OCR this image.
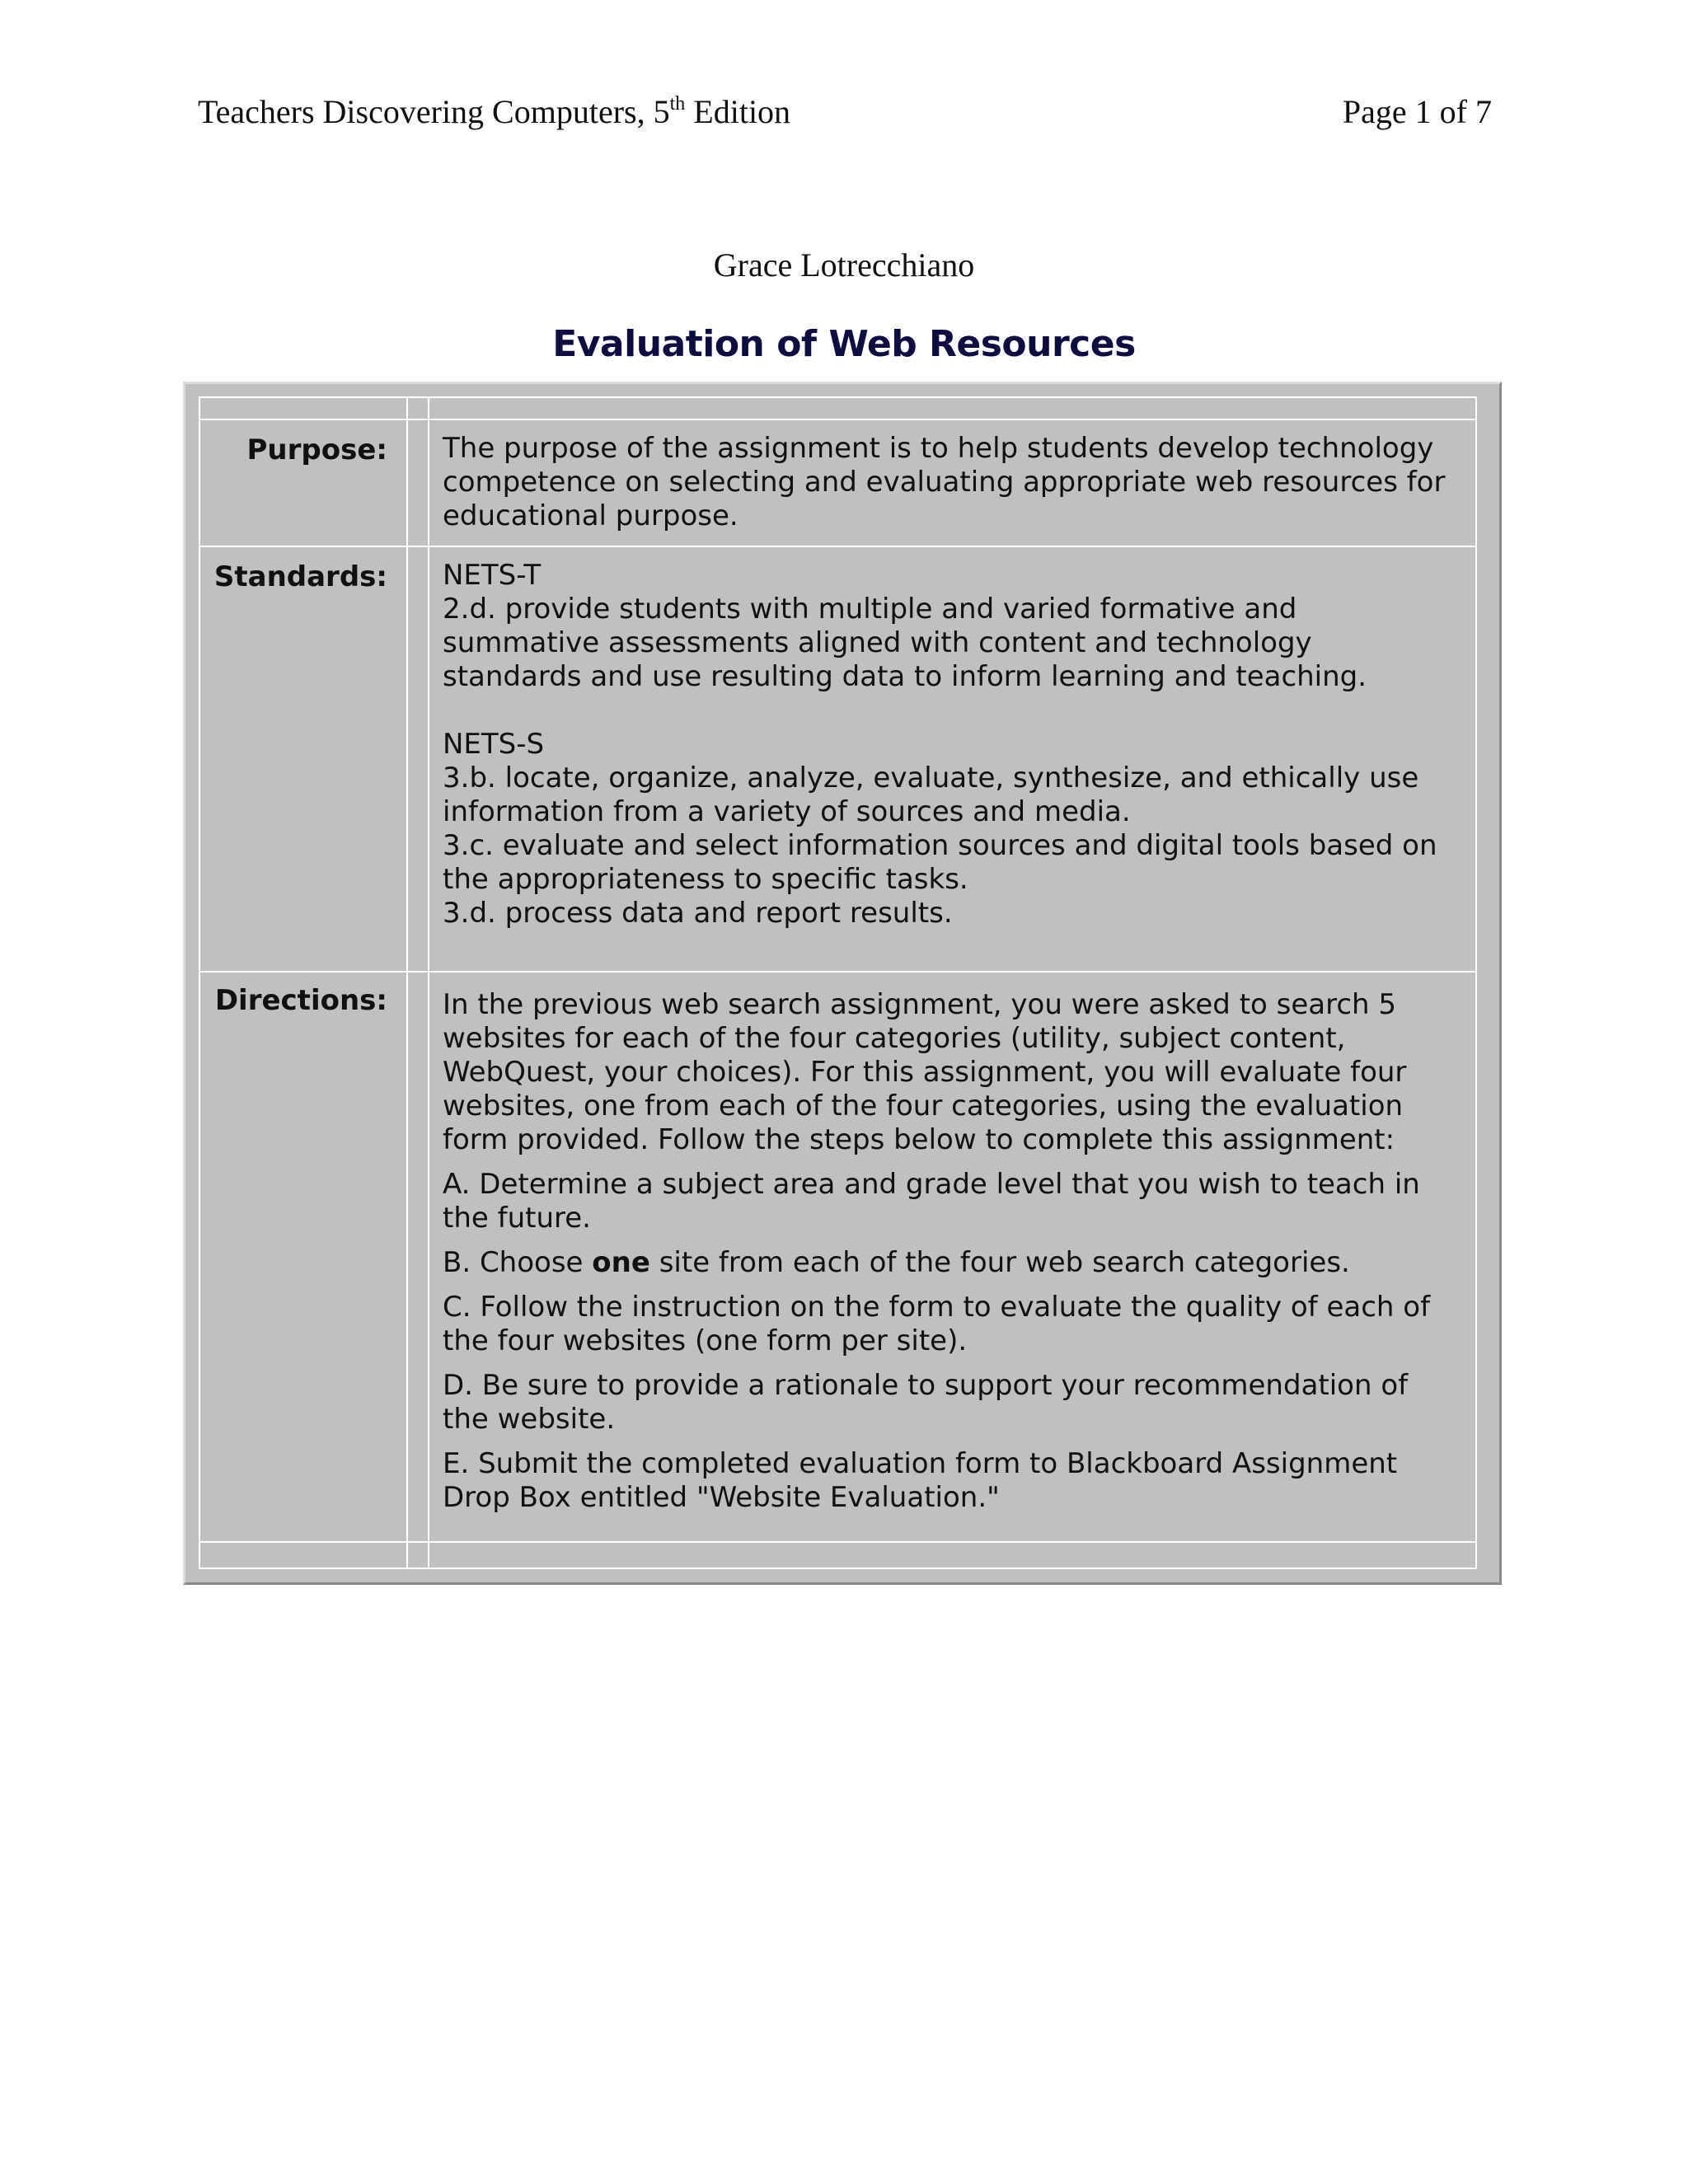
Teachers Discovering Computers, 5th Edition	Page 1 of 7
Grace Lotrecchiano
Evaluation of Web Resources
Purpose: The purpose of the assignment is to help students develop technology competence on selecting and evaluating appropriate web resources for educational purpose.

Standards: NETS-T

2.d. provide students with multiple and varied formative and summative assessments aligned with content and technology standards and use resulting data to inform learning and teaching.

NETS-S

3.b. locate, organize, analyze, evaluate, synthesize, and ethically use information from a variety of sources and media.

3.c. evaluate and select information sources and digital tools based on the appropriateness to specific tasks.

3.d. process data and report results.

Directions: In the previous web search assignment, you were asked to search 5 websites for each of the four categories (utility, subject content, WebQuest, your choices). For this assignment, you will evaluate four websites, one from each of the four categories, using the evaluation form provided. Follow the steps below to complete this assignment:

A. Determine a subject area and grade level that you wish to teach in the future.

B. Choose one site from each of the four web search categories.

C. Follow the instruction on the form to evaluate the quality of each of the four websites (one form per site).

D. Be sure to provide a rationale to support your recommendation of the website.

E. Submit the completed evaluation form to Blackboard Assignment Drop Box entitled "Website Evaluation."
